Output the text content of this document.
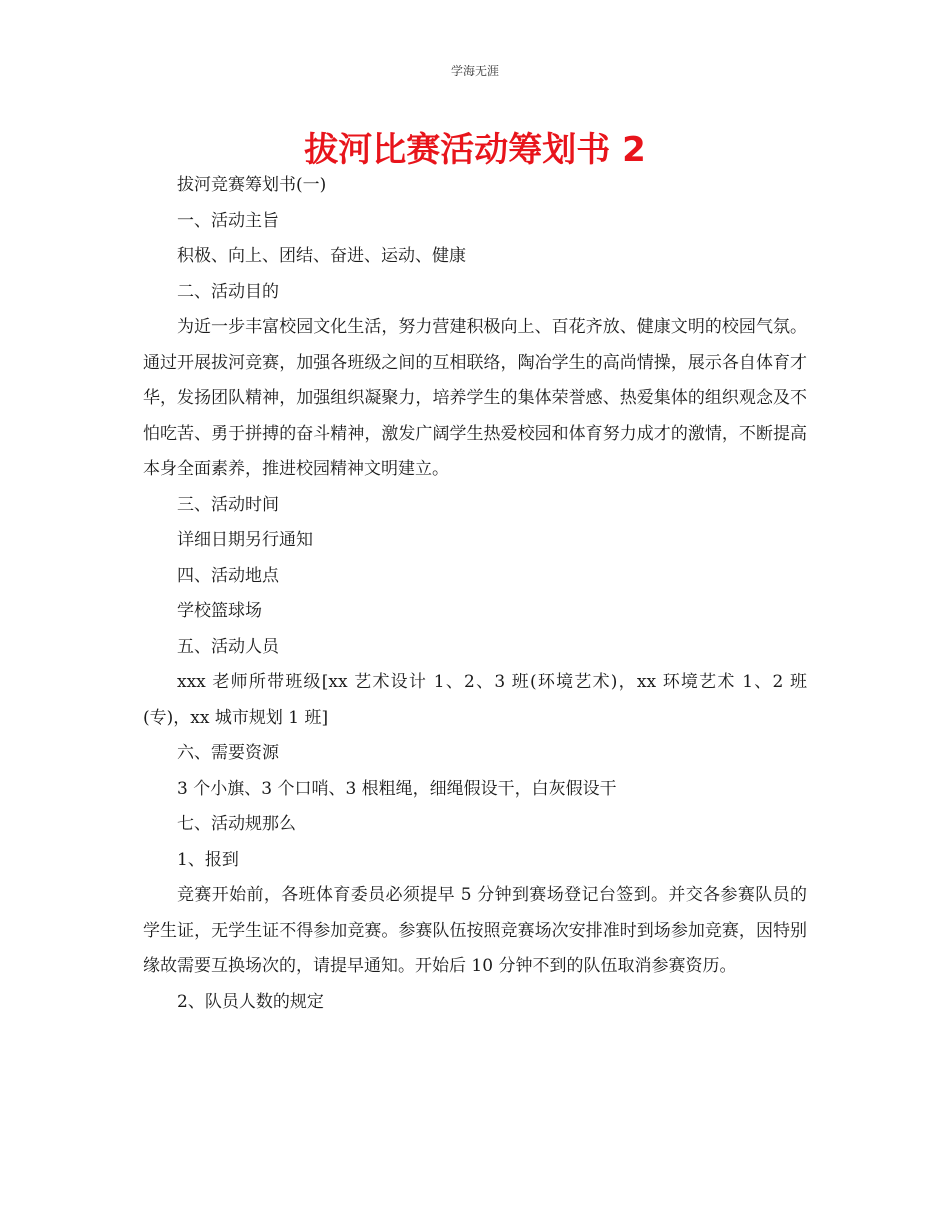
学海无涯
拔河比赛活动筹划书 2

拔河竞赛筹划书(一)

一、活动主旨

积极、向上、团结、奋进、运动、健康

二、活动目的

为近一步丰富校园文化生活，努力营建积极向上、百花齐放、健康文明的校园气氛。通过开展拔河竞赛，加强各班级之间的互相联络，陶冶学生的高尚情操，展示各自体育才华，发扬团队精神，加强组织凝聚力，培养学生的集体荣誉感、热爱集体的组织观念及不怕吃苦、勇于拼搏的奋斗精神，激发广阔学生热爱校园和体育努力成才的激情，不断提高本身全面素养，推进校园精神文明建立。

三、活动时间

详细日期另行通知

四、活动地点

学校篮球场

五、活动人员

xxx 老师所带班级[xx 艺术设计 1、2、3 班(环境艺术)，xx 环境艺术 1、2 班(专)，xx 城市规划 1 班]

六、需要资源

3 个小旗、3 个口哨、3 根粗绳，细绳假设干，白灰假设干

七、活动规那么

1、报到

竞赛开始前，各班体育委员必须提早 5 分钟到赛场登记台签到。并交各参赛队员的学生证，无学生证不得参加竞赛。参赛队伍按照竞赛场次安排准时到场参加竞赛，因特别缘故需要互换场次的，请提早通知。开始后 10 分钟不到的队伍取消参赛资历。

2、队员人数的规定
